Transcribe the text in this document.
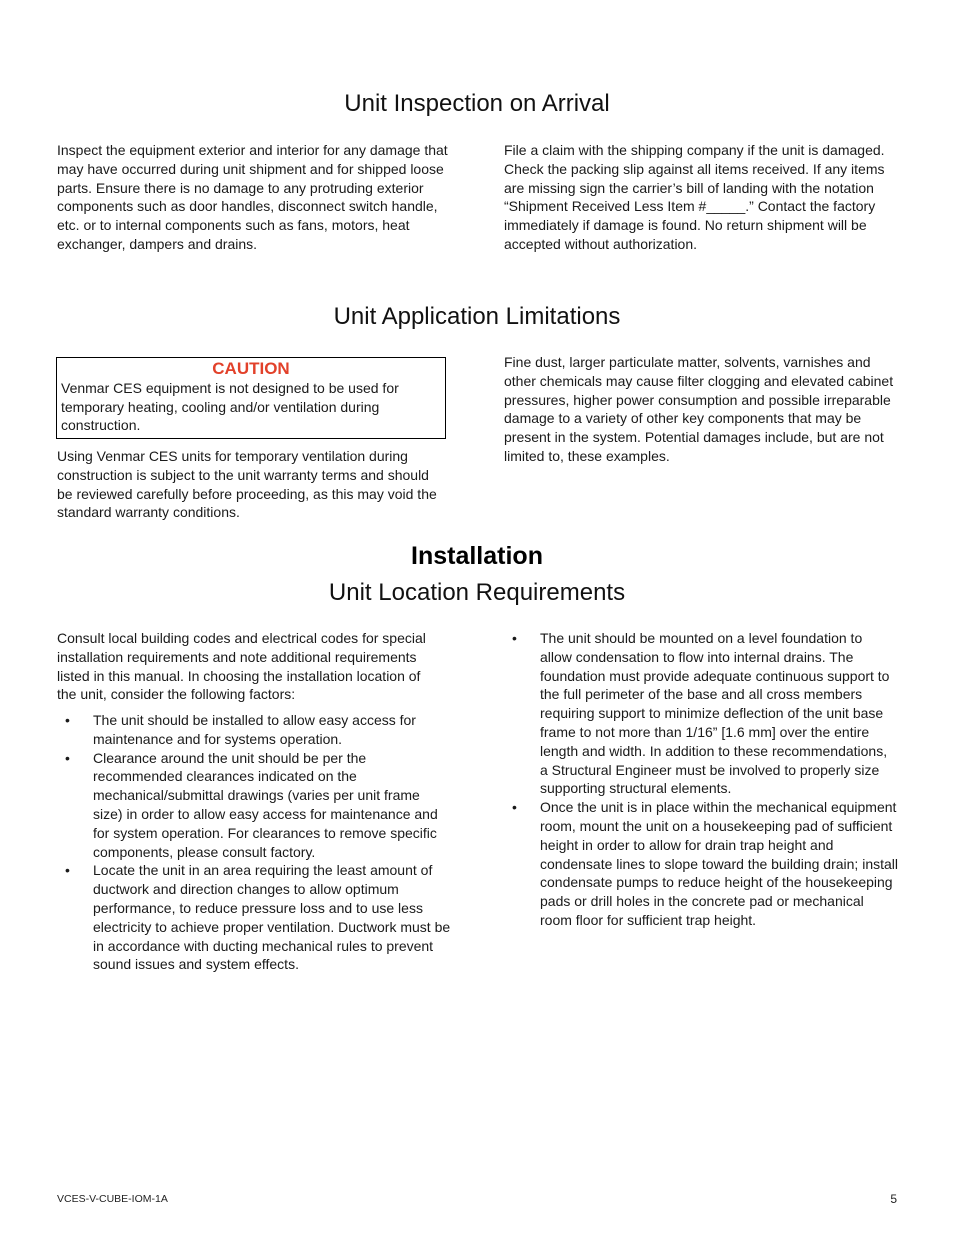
Unit Inspection on Arrival

Inspect the equipment exterior and interior for any damage that may have occurred during unit shipment and for shipped loose parts. Ensure there is no damage to any protruding exterior components such as door handles, disconnect switch handle, etc. or to internal components such as fans, motors, heat exchanger, dampers and drains.

File a claim with the shipping company if the unit is damaged. Check the packing slip against all items received. If any items are missing sign the carrier’s bill of landing with the notation “Shipment Received Less Item #_____.” Contact the factory immediately if damage is found. No return shipment will be accepted without authorization.

Unit Application Limitations
CAUTION

Venmar CES equipment is not designed to be used for temporary heating, cooling and/or ventilation during construction.

Using Venmar CES units for temporary ventilation during construction is subject to the unit warranty terms and should be reviewed carefully before proceeding, as this may void the standard warranty conditions.

Fine dust, larger particulate matter, solvents, varnishes and other chemicals may cause filter clogging and elevated cabinet pressures, higher power consumption and possible irreparable damage to a variety of other key components that may be present in the system. Potential damages include, but are not limited to, these examples.

Installation
Unit Location Requirements

Consult local building codes and electrical codes for special installation requirements and note additional requirements listed in this manual. In choosing the installation location of the unit, consider the following factors:

• The unit should be installed to allow easy access for maintenance and for systems operation.
• Clearance around the unit should be per the recommended clearances indicated on the mechanical/submittal drawings (varies per unit frame size) in order to allow easy access for maintenance and for system operation. For clearances to remove specific components, please consult factory.
• Locate the unit in an area requiring the least amount of ductwork and direction changes to allow optimum performance, to reduce pressure loss and to use less electricity to achieve proper ventilation. Ductwork must be in accordance with ducting mechanical rules to prevent sound issues and system effects.
• The unit should be mounted on a level foundation to allow condensation to flow into internal drains. The foundation must provide adequate continuous support to the full perimeter of the base and all cross members requiring support to minimize deflection of the unit base frame to not more than 1/16” [1.6 mm] over the entire length and width. In addition to these recommendations, a Structural Engineer must be involved to properly size supporting structural elements.
• Once the unit is in place within the mechanical equipment room, mount the unit on a housekeeping pad of sufficient height in order to allow for drain trap height and condensate lines to slope toward the building drain; install condensate pumps to reduce height of the housekeeping pads or drill holes in the concrete pad or mechanical room floor for sufficient trap height.
VCES-V-CUBE-IOM-1A	5
